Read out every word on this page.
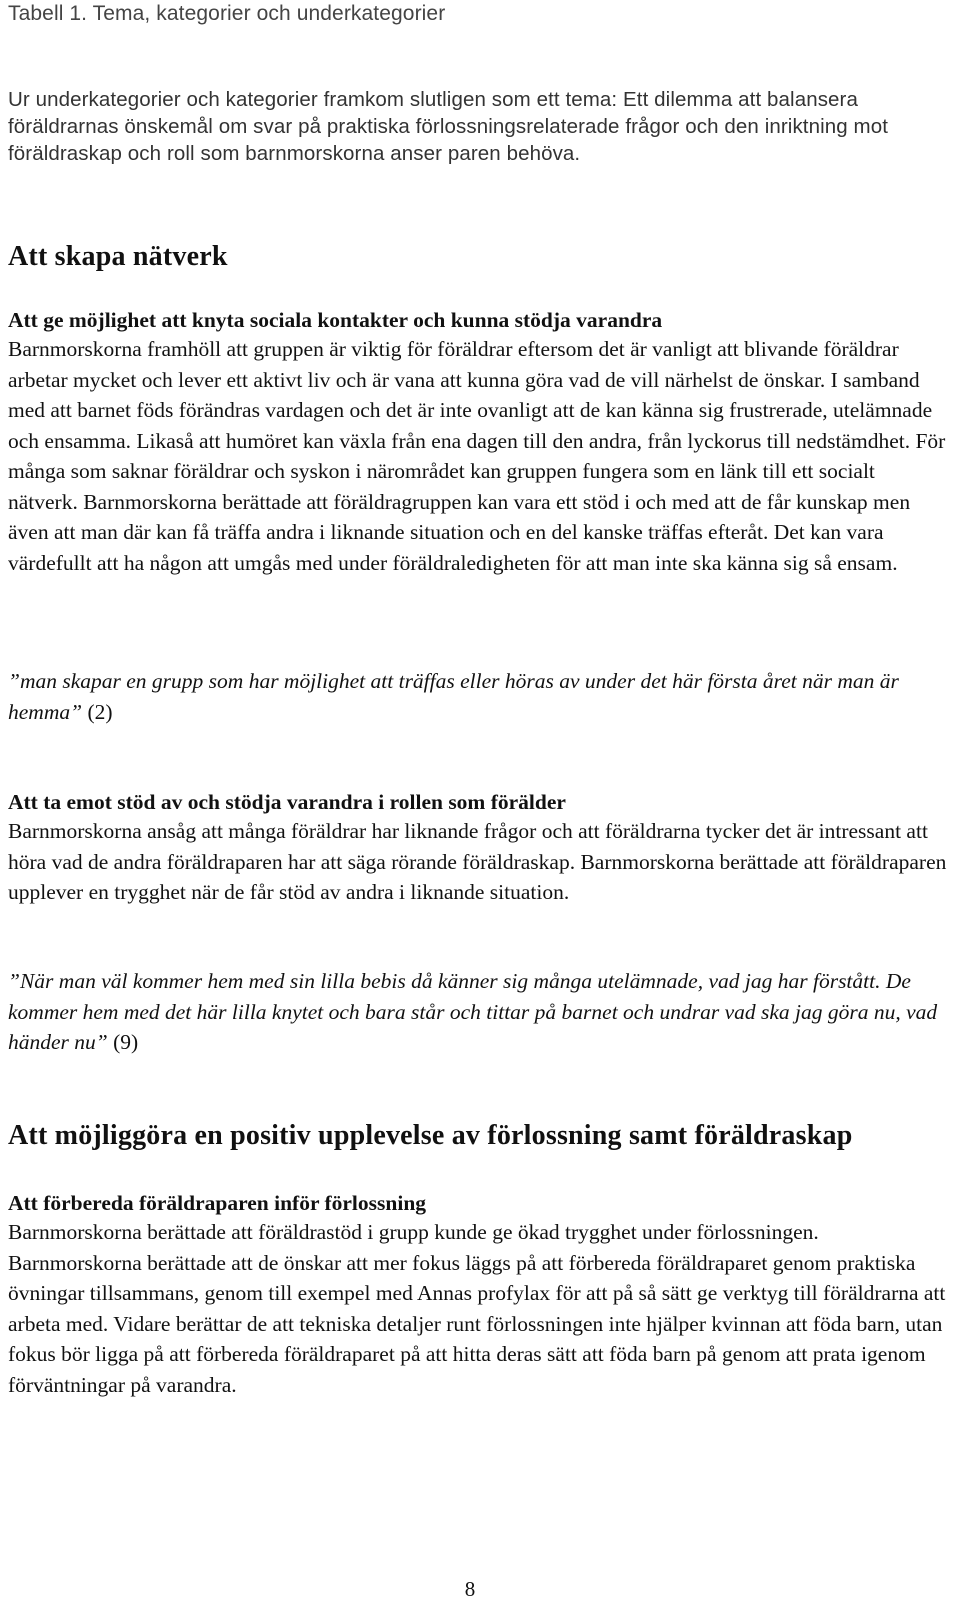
Tabell 1. Tema, kategorier och underkategorier

Ur underkategorier och kategorier framkom slutligen som ett tema: Ett dilemma att balansera föräldrarnas önskemål om svar på praktiska förlossningsrelaterade frågor och den inriktning mot föräldraskap och roll som barnmorskorna anser paren behöva.

Att skapa nätverk
Att ge möjlighet att knyta sociala kontakter och kunna stödja varandra

Barnmorskorna framhöll att gruppen är viktig för föräldrar eftersom det är vanligt att blivande föräldrar arbetar mycket och lever ett aktivt liv och är vana att kunna göra vad de vill närhelst de önskar. I samband med att barnet föds förändras vardagen och det är inte ovanligt att de kan känna sig frustrerade, utelämnade och ensamma. Likaså att humöret kan växla från ena dagen till den andra, från lyckorus till nedstämdhet. För många som saknar föräldrar och syskon i närområdet kan gruppen fungera som en länk till ett socialt nätverk. Barnmorskorna berättade att föräldragruppen kan vara ett stöd i och med att de får kunskap men även att man där kan få träffa andra i liknande situation och en del kanske träffas efteråt. Det kan vara värdefullt att ha någon att umgås med under föräldraledigheten för att man inte ska känna sig så ensam.

”man skapar en grupp som har möjlighet att träffas eller höras av under det här första året när man är hemma” (2)
Att ta emot stöd av och stödja varandra i rollen som förälder

Barnmorskorna ansåg att många föräldrar har liknande frågor och att föräldrarna tycker det är intressant att höra vad de andra föräldraparen har att säga rörande föräldraskap. Barnmorskorna berättade att föräldraparen upplever en trygghet när de får stöd av andra i liknande situation.

”När man väl kommer hem med sin lilla bebis då känner sig många utelämnade, vad jag har förstått. De kommer hem med det här lilla knytet och bara står och tittar på barnet och undrar vad ska jag göra nu, vad händer nu” (9)
Att möjliggöra en positiv upplevelse av förlossning samt föräldraskap
Att förbereda föräldraparen inför förlossning

Barnmorskorna berättade att föräldrastöd i grupp kunde ge ökad trygghet under förlossningen. Barnmorskorna berättade att de önskar att mer fokus läggs på att förbereda föräldraparet genom praktiska övningar tillsammans, genom till exempel med Annas profylax för att på så sätt ge verktyg till föräldrarna att arbeta med. Vidare berättar de att tekniska detaljer runt förlossningen inte hjälper kvinnan att föda barn, utan fokus bör ligga på att förbereda föräldraparet på att hitta deras sätt att föda barn på genom att prata igenom förväntningar på varandra.

8
